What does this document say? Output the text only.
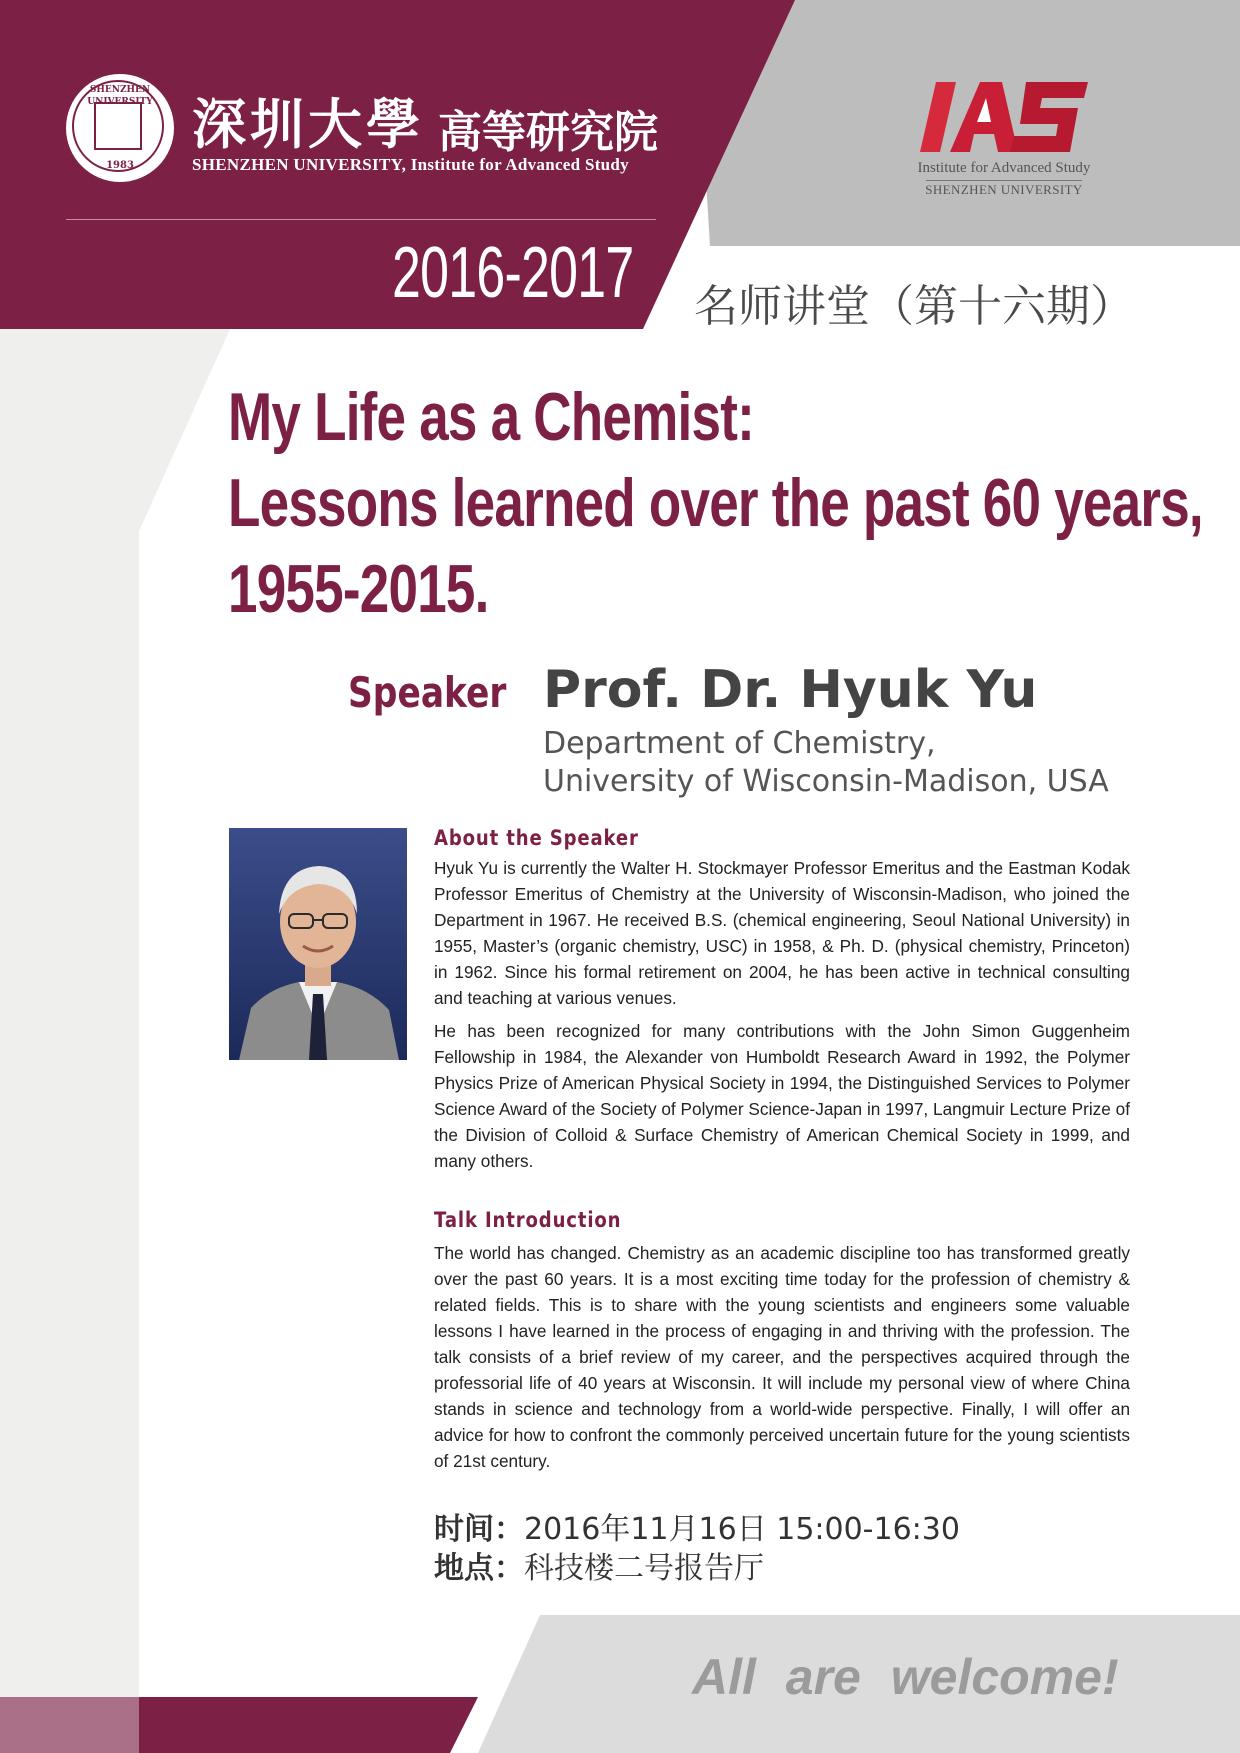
SHENZHEN UNIVERSITY
1983
深圳大學 高等研究院
SHENZHEN UNIVERSITY, Institute for Advanced Study
2016-2017 名师讲堂（第十六期）
Institute for Advanced Study
SHENZHEN UNIVERSITY
My Life as a Chemist:
Lessons learned over the past 60 years,
1955-2015.
Speaker Prof. Dr. Hyuk Yu
Department of Chemistry,
University of Wisconsin-Madison, USA
About the Speaker
Hyuk Yu is currently the Walter H. Stockmayer Professor Emeritus and the Eastman Kodak Professor Emeritus of Chemistry at the University of Wisconsin-Madison, who joined the Department in 1967. He received B.S. (chemical engineering, Seoul National University) in 1955, Master’s (organic chemistry, USC) in 1958, & Ph. D. (physical chemistry, Princeton) in 1962. Since his formal retirement on 2004, he has been active in technical consulting and teaching at various venues.
He has been recognized for many contributions with the John Simon Guggenheim Fellowship in 1984, the Alexander von Humboldt Research Award in 1992, the Polymer Physics Prize of American Physical Society in 1994, the Distinguished Services to Polymer Science Award of the Society of Polymer Science-Japan in 1997, Langmuir Lecture Prize of the Division of Colloid & Surface Chemistry of American Chemical Society in 1999, and many others.
Talk Introduction
The world has changed. Chemistry as an academic discipline too has transformed greatly over the past 60 years. It is a most exciting time today for the profession of chemistry & related fields. This is to share with the young scientists and engineers some valuable lessons I have learned in the process of engaging in and thriving with the profession. The talk consists of a brief review of my career, and the perspectives acquired through the professorial life of 40 years at Wisconsin. It will include my personal view of where China stands in science and technology from a world-wide perspective. Finally, I will offer an advice for how to confront the commonly perceived uncertain future for the young scientists of 21st century.
时间：2016年11月16日 15:00-16:30
地点：科技楼二号报告厅
All are welcome!
